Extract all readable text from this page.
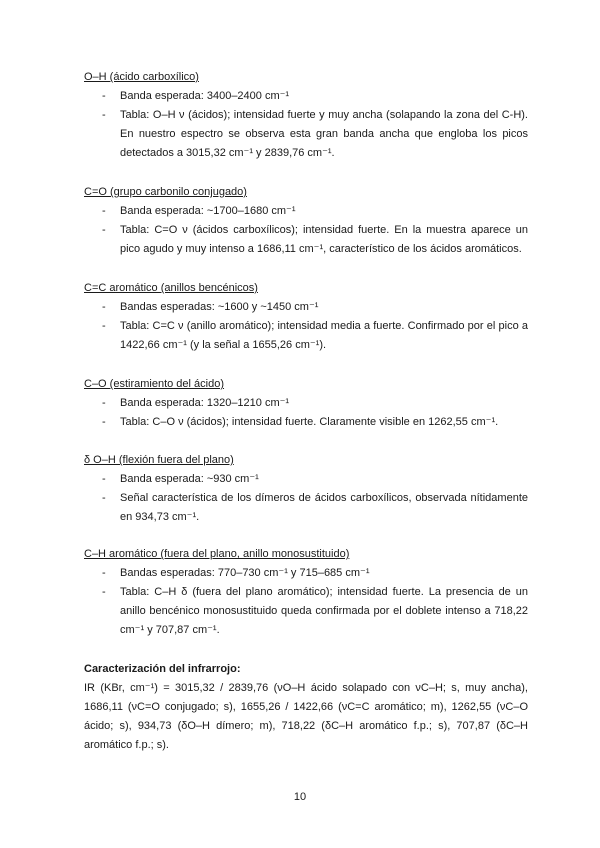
O–H (ácido carboxílico)
- Banda esperada: 3400–2400 cm⁻¹
- Tabla: O–H ν (ácidos); intensidad fuerte y muy ancha (solapando la zona del C-H). En nuestro espectro se observa esta gran banda ancha que engloba los picos detectados a 3015,32 cm⁻¹ y 2839,76 cm⁻¹.
C=O (grupo carbonilo conjugado)
- Banda esperada: ~1700–1680 cm⁻¹
- Tabla: C=O ν (ácidos carboxílicos); intensidad fuerte. En la muestra aparece un pico agudo y muy intenso a 1686,11 cm⁻¹, característico de los ácidos aromáticos.
C=C aromático (anillos bencénicos)
- Bandas esperadas: ~1600 y ~1450 cm⁻¹
- Tabla: C=C ν (anillo aromático); intensidad media a fuerte. Confirmado por el pico a 1422,66 cm⁻¹ (y la señal a 1655,26 cm⁻¹).
C–O (estiramiento del ácido)
- Banda esperada: 1320–1210 cm⁻¹
- Tabla: C–O ν (ácidos); intensidad fuerte. Claramente visible en 1262,55 cm⁻¹.
δ O–H (flexión fuera del plano)
- Banda esperada: ~930 cm⁻¹
- Señal característica de los dímeros de ácidos carboxílicos, observada nítidamente en 934,73 cm⁻¹.
C–H aromático (fuera del plano, anillo monosustituido)
- Bandas esperadas: 770–730 cm⁻¹ y 715–685 cm⁻¹
- Tabla: C–H δ (fuera del plano aromático); intensidad fuerte. La presencia de un anillo bencénico monosustituido queda confirmada por el doblete intenso a 718,22 cm⁻¹ y 707,87 cm⁻¹.
Caracterización del infrarrojo:
IR (KBr, cm⁻¹) = 3015,32 / 2839,76 (νO–H ácido solapado con νC–H; s, muy ancha), 1686,11 (νC=O conjugado; s), 1655,26 / 1422,66 (νC=C aromático; m), 1262,55 (νC–O ácido; s), 934,73 (δO–H dímero; m), 718,22 (δC–H aromático f.p.; s), 707,87 (δC–H aromático f.p.; s).
10
